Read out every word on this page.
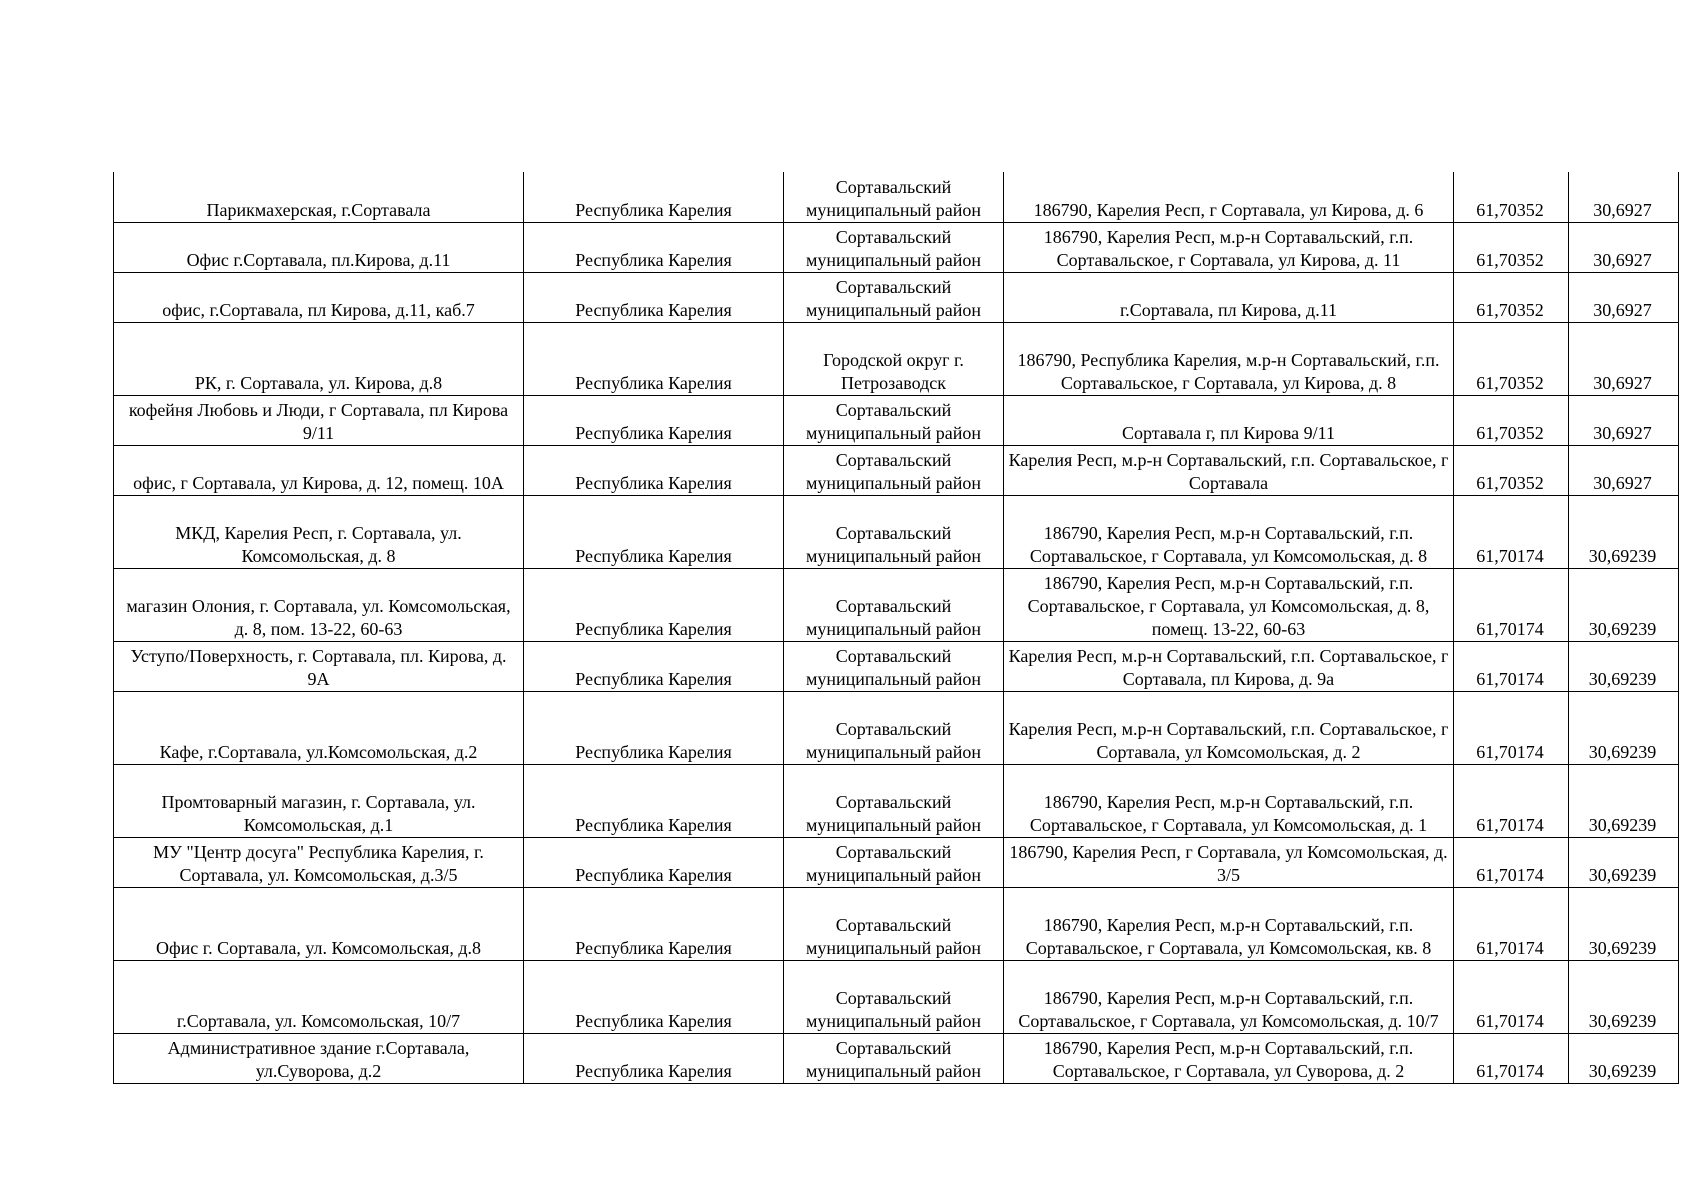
Парикмахерская, г.Сортавала	Республика Карелия	Сортавальский муниципальный район	186790, Карелия Респ, г Сортавала, ул Кирова, д. 6	61,70352	30,6927
Офис г.Сортавала, пл.Кирова, д.11	Республика Карелия	Сортавальский муниципальный район	186790, Карелия Респ, м.р-н Сортавальский, г.п. Сортавальское, г Сортавала, ул Кирова, д. 11	61,70352	30,6927
офис, г.Сортавала, пл Кирова, д.11, каб.7	Республика Карелия	Сортавальский муниципальный район	г.Сортавала, пл Кирова, д.11	61,70352	30,6927
РК, г. Сортавала, ул. Кирова, д.8	Республика Карелия	Городской округ г. Петрозаводск	186790, Республика Карелия, м.р-н Сортавальский, г.п. Сортавальское, г Сортавала, ул Кирова, д. 8	61,70352	30,6927
кофейня Любовь и Люди, г Сортавала, пл Кирова 9/11	Республика Карелия	Сортавальский муниципальный район	Сортавала г, пл Кирова 9/11	61,70352	30,6927
офис, г Сортавала, ул Кирова, д. 12, помещ. 10А	Республика Карелия	Сортавальский муниципальный район	Карелия Респ, м.р-н Сортавальский, г.п. Сортавальское, г Сортавала	61,70352	30,6927
МКД, Карелия Респ, г. Сортавала, ул. Комсомольская, д. 8	Республика Карелия	Сортавальский муниципальный район	186790, Карелия Респ, м.р-н Сортавальский, г.п. Сортавальское, г Сортавала, ул Комсомольская, д. 8	61,70174	30,69239
магазин Олония, г. Сортавала, ул. Комсомольская, д. 8, пом. 13-22, 60-63	Республика Карелия	Сортавальский муниципальный район	186790, Карелия Респ, м.р-н Сортавальский, г.п. Сортавальское, г Сортавала, ул Комсомольская, д. 8, помещ. 13-22, 60-63	61,70174	30,69239
Уступо/Поверхность, г. Сортавала, пл. Кирова, д. 9А	Республика Карелия	Сортавальский муниципальный район	Карелия Респ, м.р-н Сортавальский, г.п. Сортавальское, г Сортавала, пл Кирова, д. 9а	61,70174	30,69239
Кафе, г.Сортавала, ул.Комсомольская, д.2	Республика Карелия	Сортавальский муниципальный район	Карелия Респ, м.р-н Сортавальский, г.п. Сортавальское, г Сортавала, ул Комсомольская, д. 2	61,70174	30,69239
Промтоварный магазин, г. Сортавала, ул. Комсомольская, д.1	Республика Карелия	Сортавальский муниципальный район	186790, Карелия Респ, м.р-н Сортавальский, г.п. Сортавальское, г Сортавала, ул Комсомольская, д. 1	61,70174	30,69239
МУ "Центр досуга" Республика Карелия, г. Сортавала, ул. Комсомольская, д.3/5	Республика Карелия	Сортавальский муниципальный район	186790, Карелия Респ, г Сортавала, ул Комсомольская, д. 3/5	61,70174	30,69239
Офис г. Сортавала, ул. Комсомольская, д.8	Республика Карелия	Сортавальский муниципальный район	186790, Карелия Респ, м.р-н Сортавальский, г.п. Сортавальское, г Сортавала, ул Комсомольская, кв. 8	61,70174	30,69239
г.Сортавала, ул. Комсомольская, 10/7	Республика Карелия	Сортавальский муниципальный район	186790, Карелия Респ, м.р-н Сортавальский, г.п. Сортавальское, г Сортавала, ул Комсомольская, д. 10/7	61,70174	30,69239
Административное здание г.Сортавала, ул.Суворова, д.2	Республика Карелия	Сортавальский муниципальный район	186790, Карелия Респ, м.р-н Сортавальский, г.п. Сортавальское, г Сортавала, ул Суворова, д. 2	61,70174	30,69239
